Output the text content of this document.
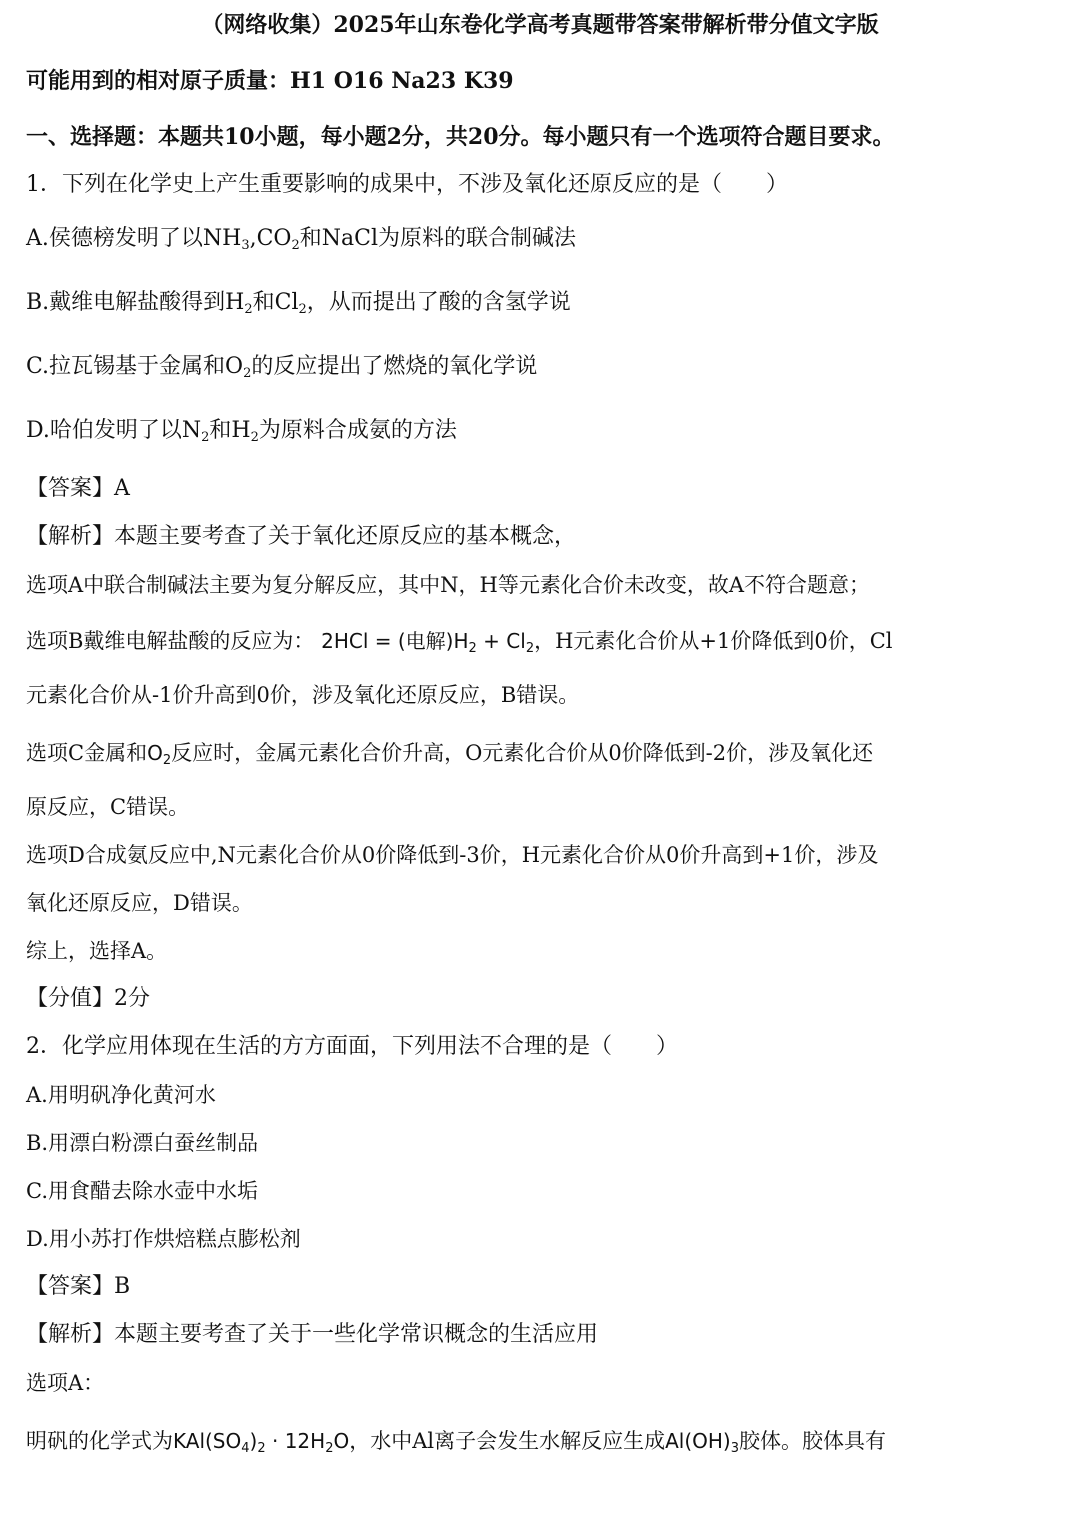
（网络收集）2025年山东卷化学高考真题带答案带解析带分值文字版
可能用到的相对原子质量：H1 O16 Na23 K39
一、选择题：本题共10小题，每小题2分，共20分。每小题只有一个选项符合题目要求。
1．下列在化学史上产生重要影响的成果中，不涉及氧化还原反应的是（　　）
A.侯德榜发明了以$NH_3,CO_2$和NaCl为原料的联合制碱法
B.戴维电解盐酸得到$H_2$和$Cl_2$，从而提出了酸的含氢学说
C.拉瓦锡基于金属和$O_2$的反应提出了燃烧的氧化学说
D.哈伯发明了以$N_2$和$H_2$为原料合成氨的方法
【答案】A
【解析】本题主要考查了关于氧化还原反应的基本概念，
选项A中联合制碱法主要为复分解反应，其中N，H等元素化合价未改变，故A不符合题意；
选项B戴维电解盐酸的反应为： 2HCl = (电解)$H_2 + Cl_2$，H元素化合价从+1价降低到0价，Cl
元素化合价从-1价升高到0价，涉及氧化还原反应，B错误。
选项C金属和$O_2$反应时，金属元素化合价升高，O元素化合价从0价降低到-2价，涉及氧化还
原反应，C错误。
选项D合成氨反应中,N元素化合价从0价降低到-3价，H元素化合价从0价升高到+1价，涉及
氧化还原反应，D错误。
综上，选择A。
【分值】2分
2．化学应用体现在生活的方方面面，下列用法不合理的是（　　）
A.用明矾净化黄河水
B.用漂白粉漂白蚕丝制品
C.用食醋去除水壶中水垢
D.用小苏打作烘焙糕点膨松剂
【答案】B
【解析】本题主要考查了关于一些化学常识概念的生活应用
选项A：
明矾的化学式为$KAl(SO_4)_2 \cdot 12H_2O$，水中Al离子会发生水解反应生成$Al(OH)_3$胶体。胶体具有
